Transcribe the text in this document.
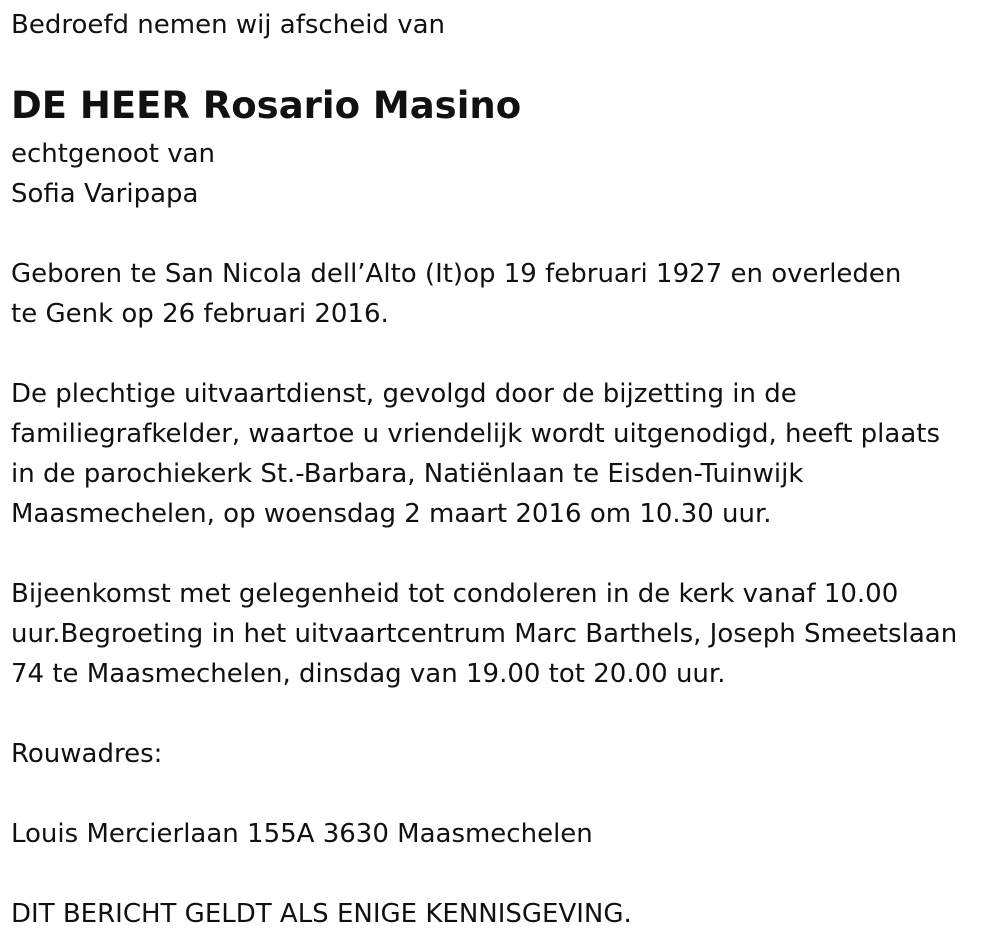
Bedroefd nemen wij afscheid van
DE HEER Rosario Masino
echtgenoot van
Sofia Varipapa
Geboren te San Nicola dell’Alto (It)op 19 februari 1927 en overleden
te Genk op 26 februari 2016.
De plechtige uitvaartdienst, gevolgd door de bijzetting in de
familiegrafkelder, waartoe u vriendelijk wordt uitgenodigd, heeft plaats
in de parochiekerk St.-Barbara, Natiënlaan te Eisden-Tuinwijk
Maasmechelen, op woensdag 2 maart 2016 om 10.30 uur.
Bijeenkomst met gelegenheid tot condoleren in de kerk vanaf 10.00
uur.Begroeting in het uitvaartcentrum Marc Barthels, Joseph Smeetslaan
74 te Maasmechelen, dinsdag van 19.00 tot 20.00 uur.
Rouwadres:
Louis Mercierlaan 155A 3630 Maasmechelen
DIT BERICHT GELDT ALS ENIGE KENNISGEVING.
